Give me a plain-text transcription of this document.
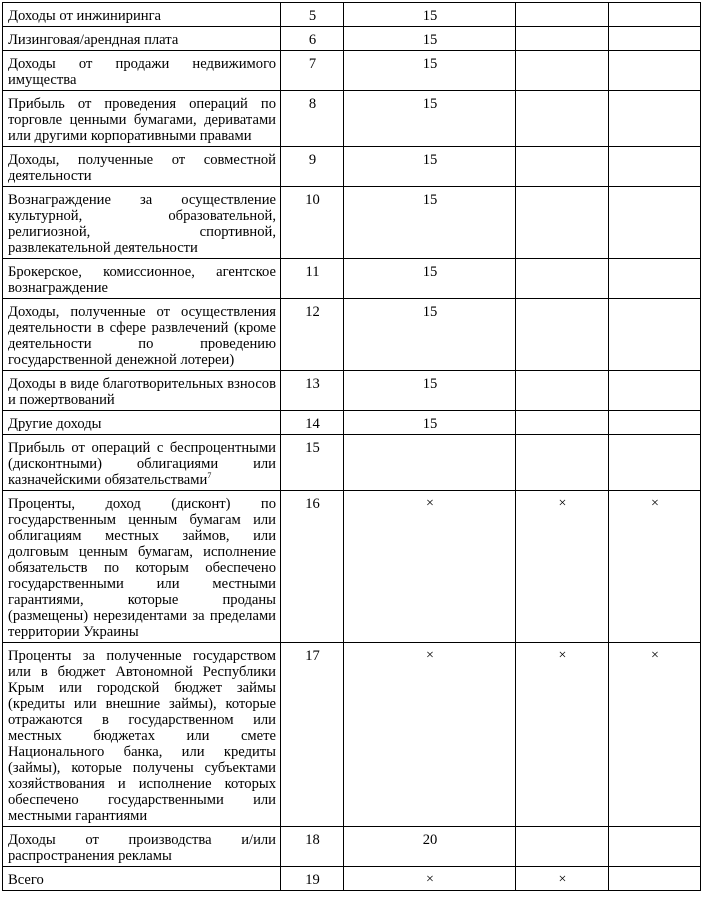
Доходы от инжиниринга	5	15		
Лизинговая/арендная плата	6	15		
Доходы от продажи недвижимого имущества	7	15		
Прибыль от проведения операций по торговле ценными бумагами, дериватами или другими корпоративными правами	8	15		
Доходы, полученные от совместной деятельности	9	15		
Вознаграждение за осуществление культурной, образовательной, религиозной, спортивной, развлекательной деятельности	10	15		
Брокерское, комиссионное, агентское вознаграждение	11	15		
Доходы, полученные от осуществления деятельности в сфере развлечений (кроме деятельности по проведению государственной денежной лотереи)	12	15		
Доходы в виде благотворительных взносов и пожертвований	13	15		
Другие доходы	14	15		
Прибыль от операций с беспроцентными (дисконтными) облигациями или казначейскими обязательствами$^7$	15			
Проценты, доход (дисконт) по государственным ценным бумагам или облигациям местных займов, или долговым ценным бумагам, исполнение обязательств по которым обеспечено государственными или местными гарантиями, которые проданы (размещены) нерезидентами за пределами территории Украины	16	×	×	×
Проценты за полученные государством или в бюджет Автономной Республики Крым или городской бюджет займы (кредиты или внешние займы), которые отражаются в государственном или местных бюджетах или смете Национального банка, или кредиты (займы), которые получены субъектами хозяйствования и исполнение которых обеспечено государственными или местными гарантиями	17	×	×	×
Доходы от производства и/или распространения рекламы	18	20		
Всего	19	×	×	
